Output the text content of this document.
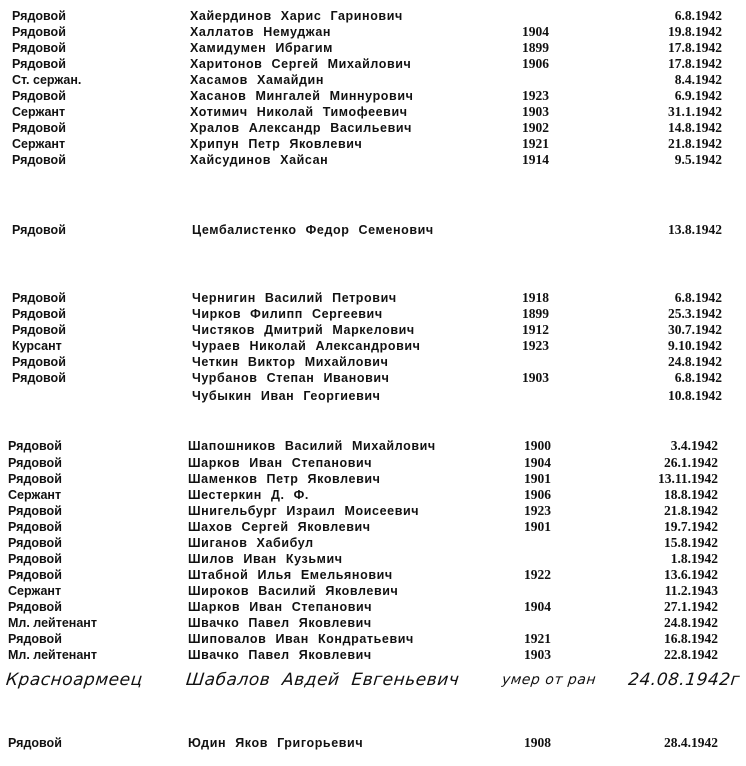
Рядовой	Хайердинов Харис Гаринович	6.8.1942
Рядовой	Халлатов Немуджан	1904	19.8.1942
Рядовой	Хамидумен Ибрагим	1899	17.8.1942
Рядовой	Харитонов Сергей Михайлович	1906	17.8.1942
Ст. сержан.	Хасамов Хамайдин	8.4.1942
Рядовой	Хасанов Мингалей Миннурович	1923	6.9.1942
Сержант	Хотимич Николай Тимофеевич	1903	31.1.1942
Рядовой	Хралов Александр Васильевич	1902	14.8.1942
Сержант	Хрипун Петр Яковлевич	1921	21.8.1942
Рядовой	Хайсудинов Хайсан	1914	9.5.1942
Рядовой	Цембалистенко Федор Семенович	13.8.1942
Рядовой	Чернигин Василий Петрович	1918	6.8.1942
Рядовой	Чирков Филипп Сергеевич	1899	25.3.1942
Рядовой	Чистяков Дмитрий Маркелович	1912	30.7.1942
Курсант	Чураев Николай Александрович	1923	9.10.1942
Рядовой	Четкин Виктор Михайлович	24.8.1942
Рядовой	Чурбанов Степан Иванович	1903	6.8.1942
Чубыкин Иван Георгиевич	10.8.1942
Рядовой	Шапошников Василий Михайлович	1900	3.4.1942
Рядовой	Шарков Иван Степанович	1904	26.1.1942
Рядовой	Шаменков Петр Яковлевич	1901	13.11.1942
Сержант	Шестеркин Д. Ф.	1906	18.8.1942
Рядовой	Шнигельбург Израил Моисеевич	1923	21.8.1942
Рядовой	Шахов Сергей Яковлевич	1901	19.7.1942
Рядовой	Шиганов Хабибул	15.8.1942
Рядовой	Шилов Иван Кузьмич	1.8.1942
Рядовой	Штабной Илья Емельянович	1922	13.6.1942
Сержант	Широков Василий Яковлевич	11.2.1943
Рядовой	Шарков Иван Степанович	1904	27.1.1942
Мл. лейтенант	Швачко Павел Яковлевич	24.8.1942
Рядовой	Шиповалов Иван Кондратьевич	1921	16.8.1942
Мл. лейтенант	Швачко Павел Яковлевич	1903	22.8.1942
Красноармеец	Шабалов Авдей Евгеньевич	умер от ран	24.08.1942г
Рядовой	Юдин Яков Григорьевич	1908	28.4.1942
